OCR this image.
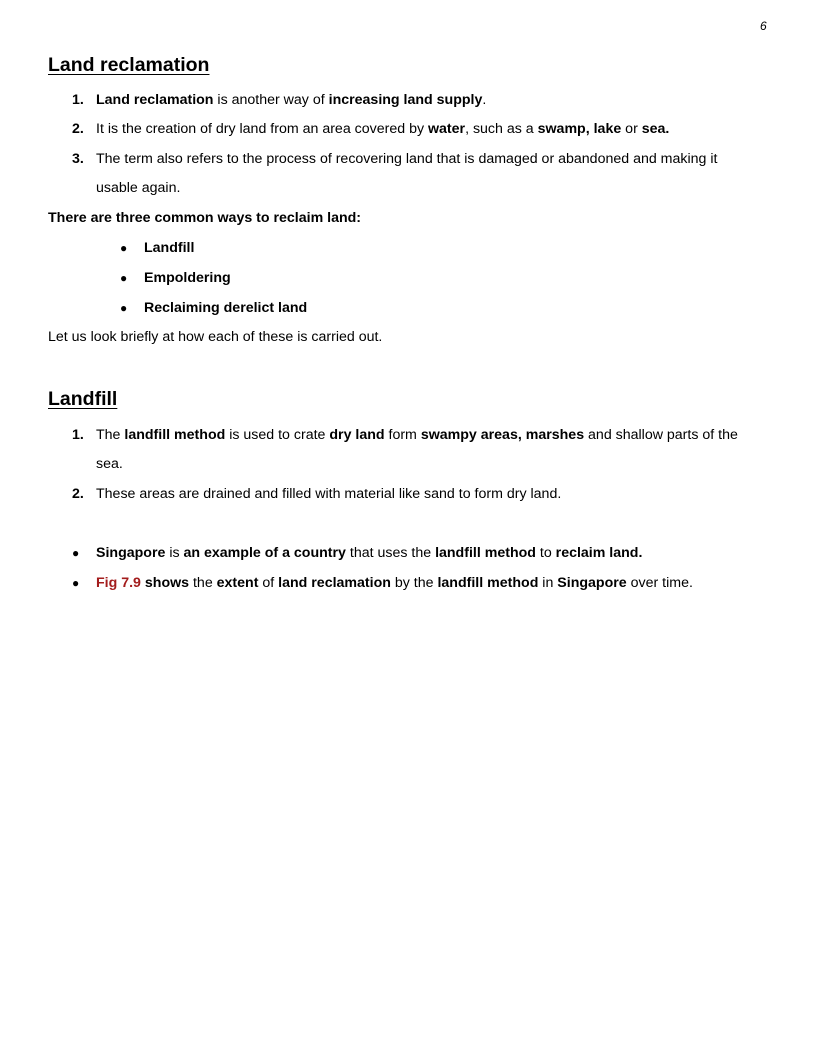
6
Land reclamation
1. Land reclamation is another way of increasing land supply.
2. It is the creation of dry land from an area covered by water, such as a swamp, lake or sea.
3. The term also refers to the process of recovering land that is damaged or abandoned and making it
usable again.
There are three common ways to reclaim land:
● Landfill
● Empoldering
● Reclaiming derelict land
Let us look briefly at how each of these is carried out.
Landfill
1. The landfill method is used to crate dry land form swampy areas, marshes and shallow parts of the
sea.
2. These areas are drained and filled with material like sand to form dry land.
● Singapore is an example of a country that uses the landfill method to reclaim land.
● Fig 7.9 shows the extent of land reclamation by the landfill method in Singapore over time.
